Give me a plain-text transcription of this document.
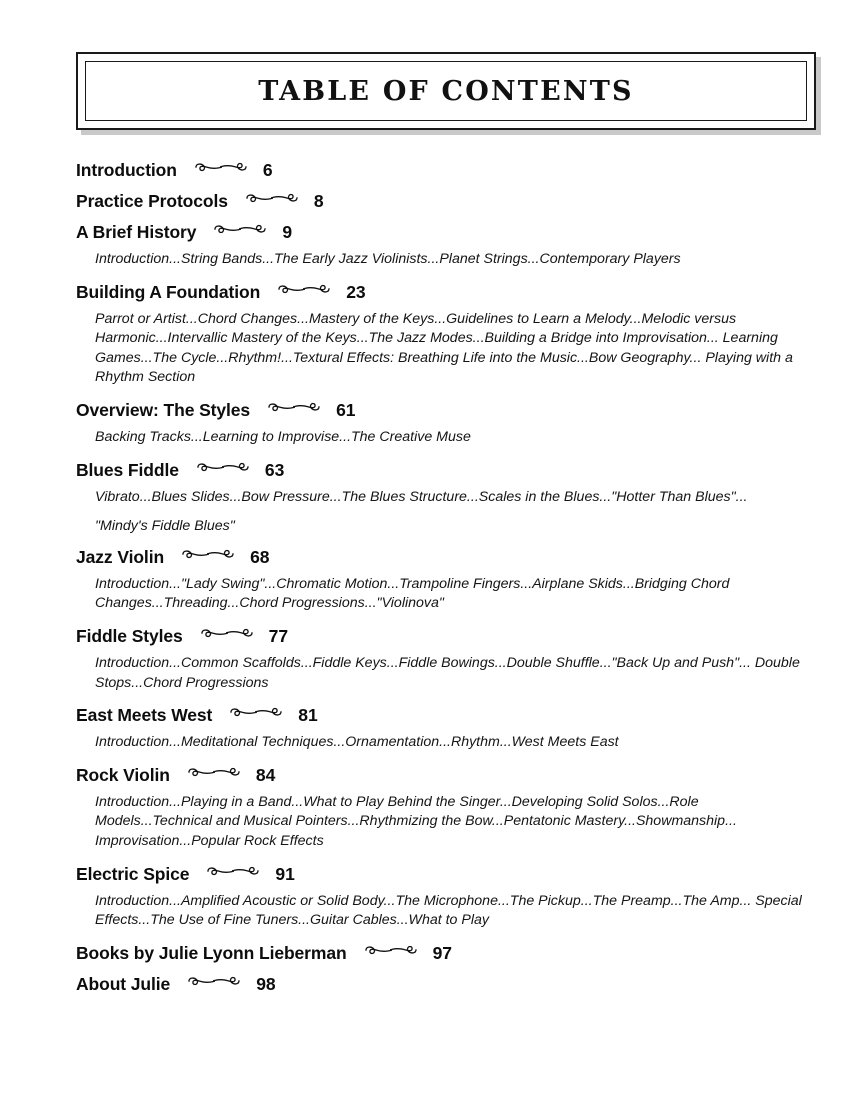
TABLE OF CONTENTS
Introduction	6
Practice Protocols	8
A Brief History	9
Introduction...String Bands...The Early Jazz Violinists...Planet Strings...Contemporary Players
Building A Foundation	23
Parrot or Artist...Chord Changes...Mastery of the Keys...Guidelines to Learn a Melody...Melodic versus Harmonic...Intervallic Mastery of the Keys...The Jazz Modes...Building a Bridge into Improvisation... Learning Games...The Cycle...Rhythm!...Textural Effects: Breathing Life into the Music...Bow Geography... Playing with a Rhythm Section
Overview: The Styles	61
Backing Tracks...Learning to Improvise...The Creative Muse
Blues Fiddle	63
Vibrato...Blues Slides...Bow Pressure...The Blues Structure...Scales in the Blues..."Hotter Than Blues"...
"Mindy's Fiddle Blues"
Jazz Violin	68
Introduction..."Lady Swing"...Chromatic Motion...Trampoline Fingers...Airplane Skids...Bridging Chord Changes...Threading...Chord Progressions..."Violinova"
Fiddle Styles	77
Introduction...Common Scaffolds...Fiddle Keys...Fiddle Bowings...Double Shuffle..."Back Up and Push"... Double Stops...Chord Progressions
East Meets West	81
Introduction...Meditational Techniques...Ornamentation...Rhythm...West Meets East
Rock Violin	84
Introduction...Playing in a Band...What to Play Behind the Singer...Developing Solid Solos...Role Models...Technical and Musical Pointers...Rhythmizing the Bow...Pentatonic Mastery...Showmanship... Improvisation...Popular Rock Effects
Electric Spice	91
Introduction...Amplified Acoustic or Solid Body...The Microphone...The Pickup...The Preamp...The Amp... Special Effects...The Use of Fine Tuners...Guitar Cables...What to Play
Books by Julie Lyonn Lieberman	97
About Julie	98
